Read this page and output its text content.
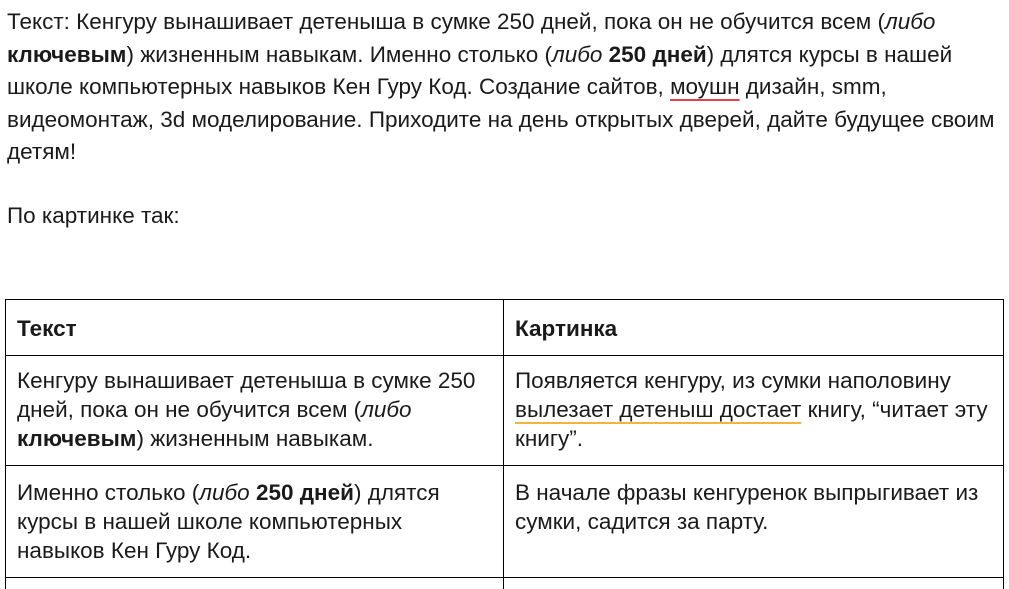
Текст: Кенгуру вынашивает детеныша в сумке 250 дней, пока он не обучится всем (либо ключевым) жизненным навыкам. Именно столько (либо 250 дней) длятся курсы в нашей школе компьютерных навыков Кен Гуру Код. Создание сайтов, моушн дизайн, smm, видеомонтаж, 3d моделирование. Приходите на день открытых дверей, дайте будущее своим детям!
По картинке так:
Текст	Картинка
Кенгуру вынашивает детеныша в сумке 250 дней, пока он не обучится всем (либо ключевым) жизненным навыкам.	Появляется кенгуру, из сумки наполовину вылезает детеныш достает книгу, “читает эту книгу”.
Именно столько (либо 250 дней) длятся курсы в нашей школе компьютерных навыков Кен Гуру Код.	В начале фразы кенгуренок выпрыгивает из сумки, садится за парту.
